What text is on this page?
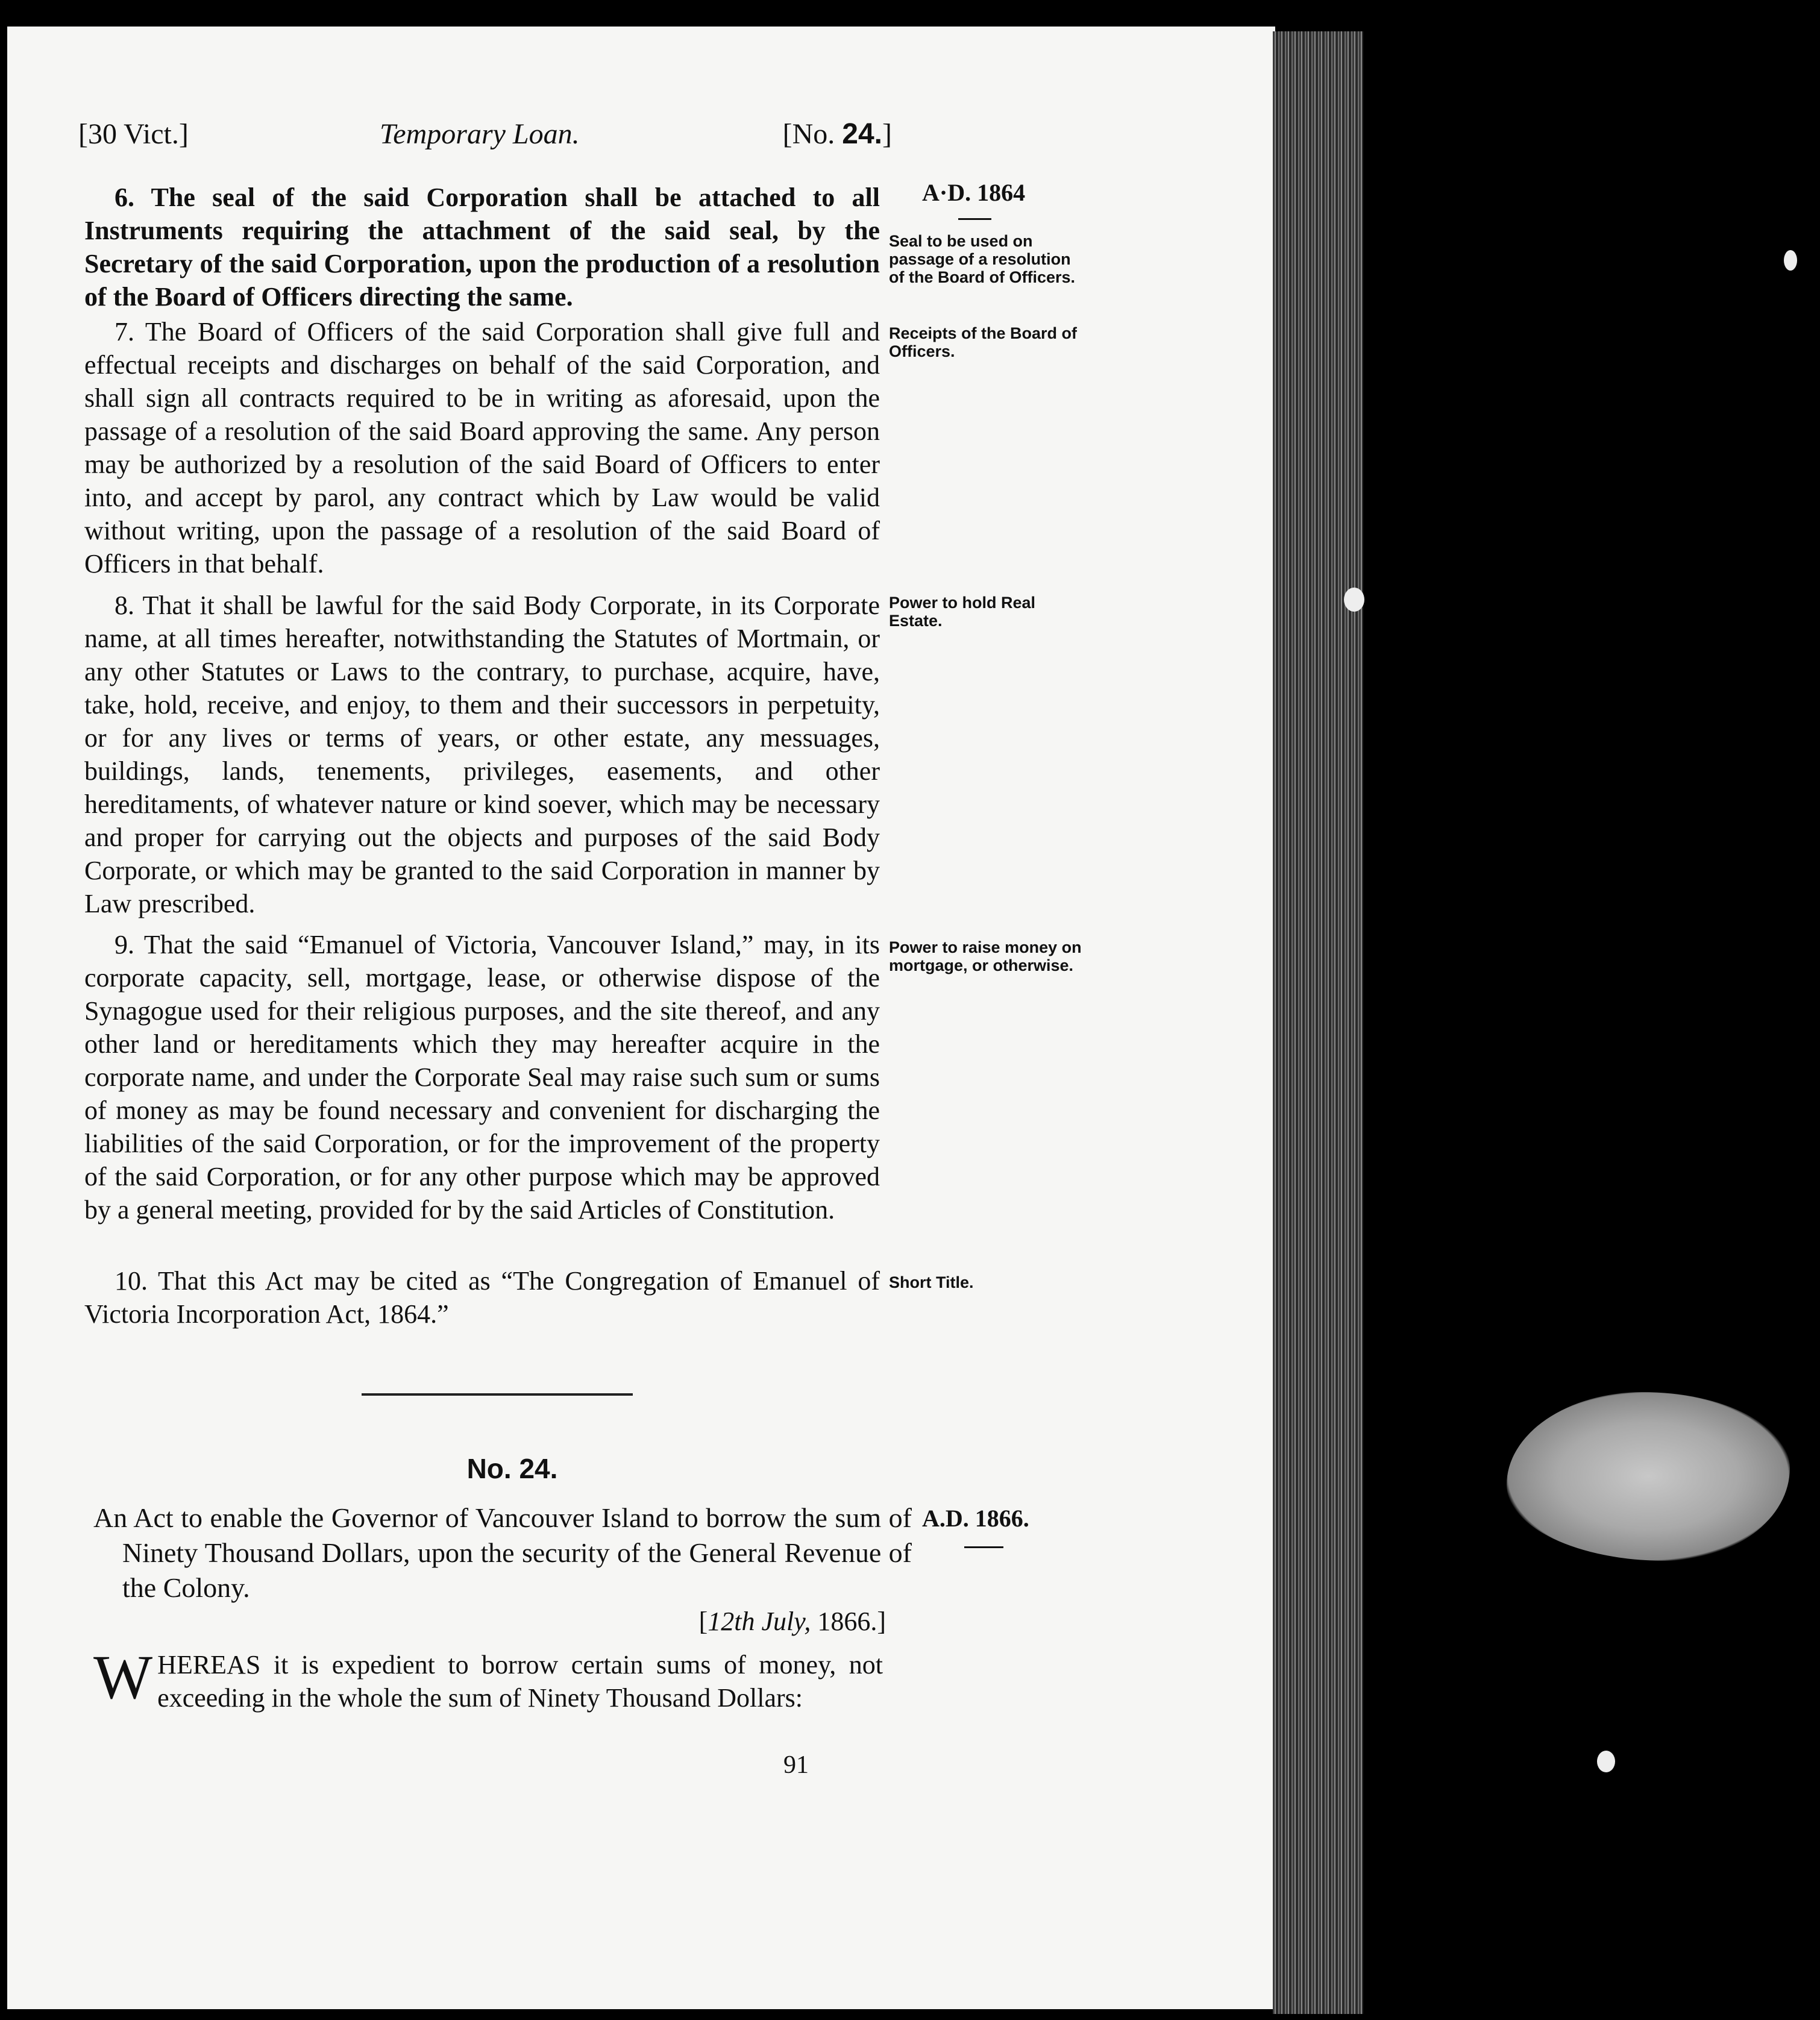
[30 Vict.]	Temporary Loan.	[No. 24.]

6. The seal of the said Corporation shall be attached to all Instruments requiring the attachment of the said seal, by the Secretary of the said Corporation, upon the production of a resolution of the Board of Officers directing the same.

7. The Board of Officers of the said Corporation shall give full and effectual receipts and discharges on behalf of the said Corporation, and shall sign all contracts required to be in writing as aforesaid, upon the passage of a resolution of the said Board approving the same. Any person may be authorized by a resolution of the said Board of Officers to enter into, and accept by parol, any contract which by Law would be valid without writing, upon the passage of a resolution of the said Board of Officers in that behalf.

8. That it shall be lawful for the said Body Corporate, in its Corporate name, at all times hereafter, notwithstanding the Statutes of Mortmain, or any other Statutes or Laws to the contrary, to purchase, acquire, have, take, hold, receive, and enjoy, to them and their successors in perpetuity, or for any lives or terms of years, or other estate, any messuages, buildings, lands, tenements, privileges, easements, and other hereditaments, of whatever nature or kind soever, which may be necessary and proper for carrying out the objects and purposes of the said Body Corporate, or which may be granted to the said Corporation in manner by Law prescribed.

9. That the said “Emanuel of Victoria, Vancouver Island,” may, in its corporate capacity, sell, mortgage, lease, or otherwise dispose of the Synagogue used for their religious purposes, and the site thereof, and any other land or hereditaments which they may hereafter acquire in the corporate name, and under the Corporate Seal may raise such sum or sums of money as may be found necessary and convenient for discharging the liabilities of the said Corporation, or for the improvement of the property of the said Corporation, or for any other purpose which may be approved by a general meeting, provided for by the said Articles of Constitution.

10. That this Act may be cited as “The Congregation of Emanuel of Victoria Incorporation Act, 1864.”

A·D. 1864
Seal to be used on passage of a resolution of the Board of Officers.
Receipts of the Board of Officers.
Power to hold Real Estate.
Power to raise money on mortgage, or otherwise.
Short Title.
No. 24.
An Act to enable the Governor of Vancouver Island to borrow the sum of Ninety Thousand Dollars, upon the security of the General Revenue of the Colony.
A.D. 1866.
[12th July, 1866.]
WHEREAS it is expedient to borrow certain sums of money, not exceeding in the whole the sum of Ninety Thousand Dollars:
91
